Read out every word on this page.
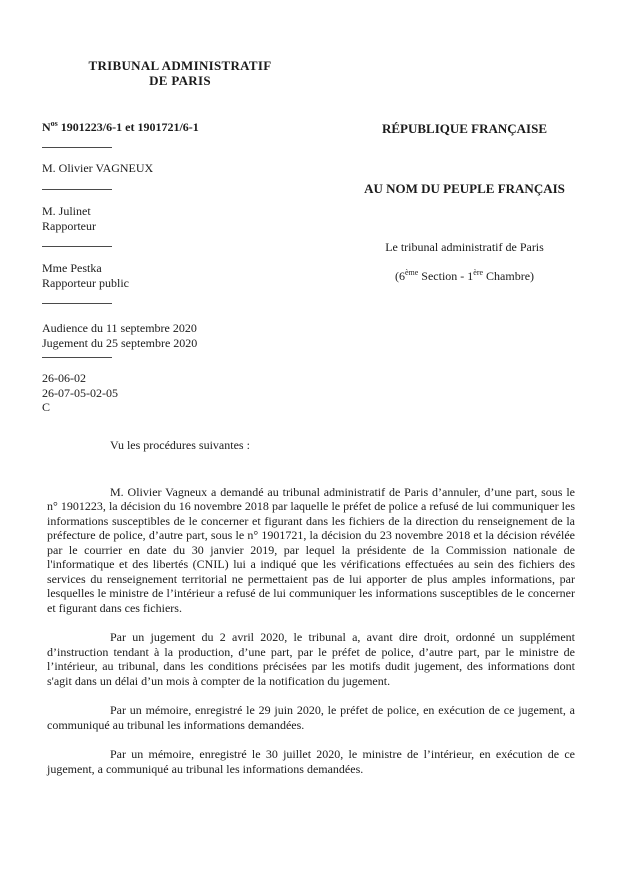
TRIBUNAL ADMINISTRATIF
DE PARIS
$N^{os}$ 1901223/6-1 et 1901721/6-1
M. Olivier VAGNEUX
M. Julinet
Rapporteur
Mme Pestka
Rapporteur public
Audience du 11 septembre 2020
Jugement du 25 septembre 2020
26-06-02
26-07-05-02-05
C
RÉPUBLIQUE FRANÇAISE
AU NOM DU PEUPLE FRANÇAIS
Le tribunal administratif de Paris
(6ème Section - 1ère Chambre)

Vu les procédures suivantes :

M. Olivier Vagneux a demandé au tribunal administratif de Paris d’annuler, d’une part, sous le n° 1901223, la décision du 16 novembre 2018 par laquelle le préfet de police a refusé de lui communiquer les informations susceptibles de le concerner et figurant dans les fichiers de la direction du renseignement de la préfecture de police, d’autre part, sous le n° 1901721, la décision du 23 novembre 2018 et la décision révélée par le courrier en date du 30 janvier 2019, par lequel la présidente de la Commission nationale de l'informatique et des libertés (CNIL) lui a indiqué que les vérifications effectuées au sein des fichiers des services du renseignement territorial ne permettaient pas de lui apporter de plus amples informations, par lesquelles le ministre de l’intérieur a refusé de lui communiquer les informations susceptibles de le concerner et figurant dans ces fichiers.

Par un jugement du 2 avril 2020, le tribunal a, avant dire droit, ordonné un supplément d’instruction tendant à la production, d’une part, par le préfet de police, d’autre part, par le ministre de l’intérieur, au tribunal, dans les conditions précisées par les motifs dudit jugement, des informations dont s'agit dans un délai d’un mois à compter de la notification du jugement.

Par un mémoire, enregistré le 29 juin 2020, le préfet de police, en exécution de ce jugement, a communiqué au tribunal les informations demandées.

Par un mémoire, enregistré le 30 juillet 2020, le ministre de l’intérieur, en exécution de ce jugement, a communiqué au tribunal les informations demandées.
